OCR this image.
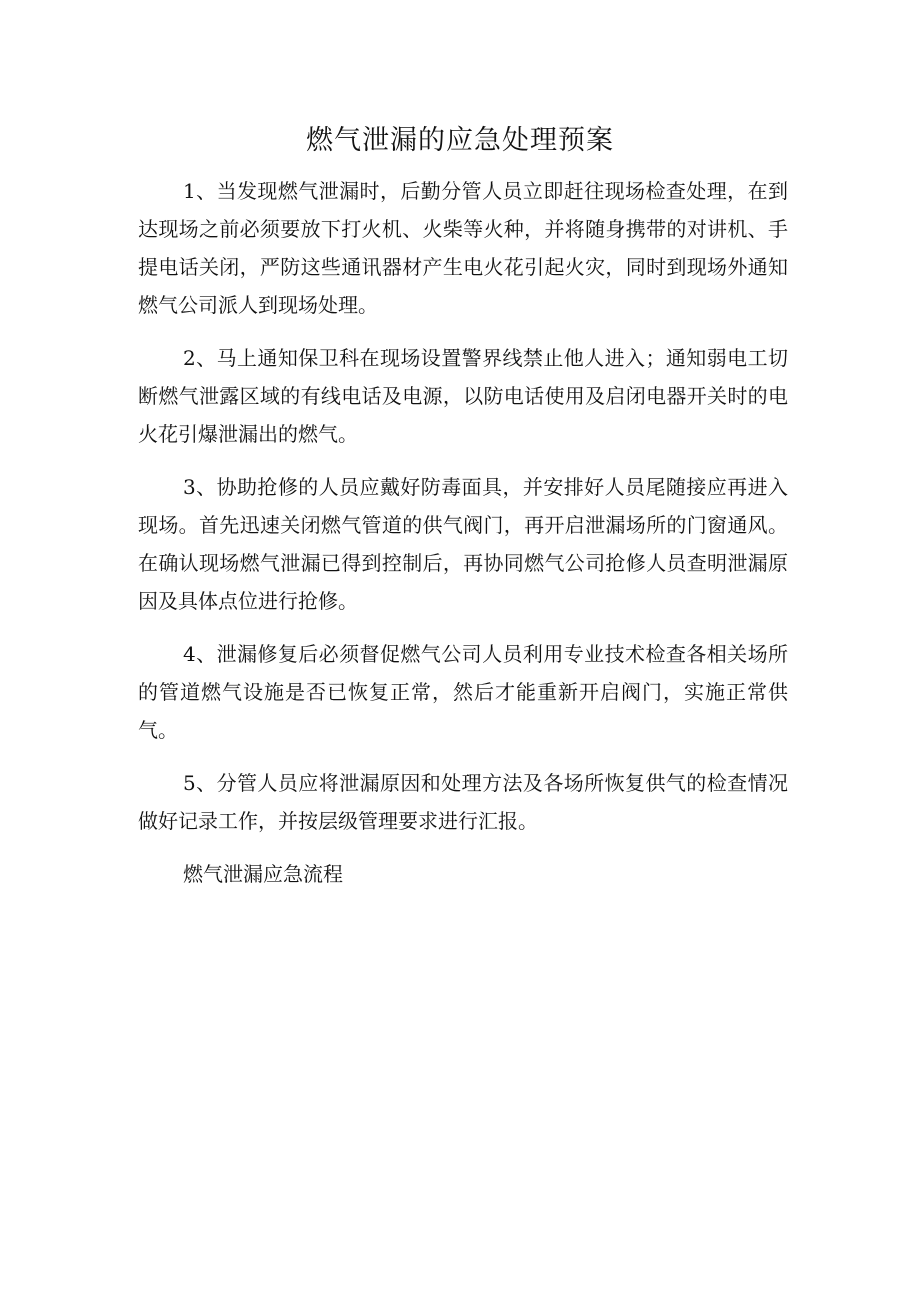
燃气泄漏的应急处理预案

1、当发现燃气泄漏时，后勤分管人员立即赶往现场检查处理，在到达现场之前必须要放下打火机、火柴等火种，并将随身携带的对讲机、手提电话关闭，严防这些通讯器材产生电火花引起火灾，同时到现场外通知燃气公司派人到现场处理。

2、马上通知保卫科在现场设置警界线禁止他人进入；通知弱电工切断燃气泄露区域的有线电话及电源，以防电话使用及启闭电器开关时的电火花引爆泄漏出的燃气。

3、协助抢修的人员应戴好防毒面具，并安排好人员尾随接应再进入现场。首先迅速关闭燃气管道的供气阀门，再开启泄漏场所的门窗通风。在确认现场燃气泄漏已得到控制后，再协同燃气公司抢修人员查明泄漏原因及具体点位进行抢修。

4、泄漏修复后必须督促燃气公司人员利用专业技术检查各相关场所的管道燃气设施是否已恢复正常，然后才能重新开启阀门，实施正常供气。

5、分管人员应将泄漏原因和处理方法及各场所恢复供气的检查情况做好记录工作，并按层级管理要求进行汇报。

燃气泄漏应急流程
